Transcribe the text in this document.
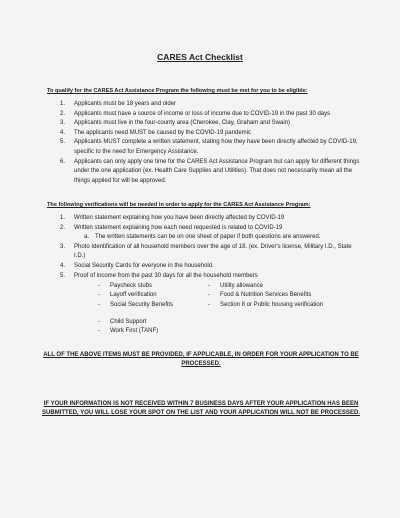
CARES Act Checklist
To qualify for the CARES Act Assistance Program the following must be met for you to be eligible:
1. Applicants must be 18 years and older
2. Applicants must have a source of income or loss of income due to COVID-19 in the past 30 days
3. Applicants must live in the four-county area (Cherokee, Clay, Graham and Swain)
4. The applicants need MUST be caused by the COVID-19 pandemic
5. Applicants MUST complete a written statement, stating how they have been directly affected by COVID-19, specific to the need for Emergency Assistance.
6. Applicants can only apply one time for the CARES Act Assistance Program but can apply for different things under the one application (ex. Health Care Supplies and Utilities). That does not necessarily mean all the things applied for will be approved.
The following verifications will be needed in order to apply for the CARES Act Assistance Program:
1. Written statement explaining how you have been directly affected by COVID-19
2. Written statement explaining how each need requested is related to COVID-19
a. The written statements can be on one sheet of paper if both questions are answered.
3. Photo Identification of all household members over the age of 18. (ex. Driver's license, Military I.D., State I.D.)
4. Social Security Cards for everyone in the household.
5. Proof of income from the past 30 days for all the household members
- Paycheck stubs
- Layoff verification
- Social Security Benefits
- Utility allowance
- Food & Nutrition Services Benefits
- Section 8 or Public housing verification
- Child Support
- Work First (TANF)
ALL OF THE ABOVE ITEMS MUST BE PROVIDED, IF APPLICABLE, IN ORDER FOR YOUR APPLICATION TO BE PROCESSED.
IF YOUR INFORMATION IS NOT RECEIVED WITHIN 7 BUSINESS DAYS AFTER YOUR APPLICATION HAS BEEN SUBMITTED, YOU WILL LOSE YOUR SPOT ON THE LIST AND YOUR APPLICATION WILL NOT BE PROCESSED.
